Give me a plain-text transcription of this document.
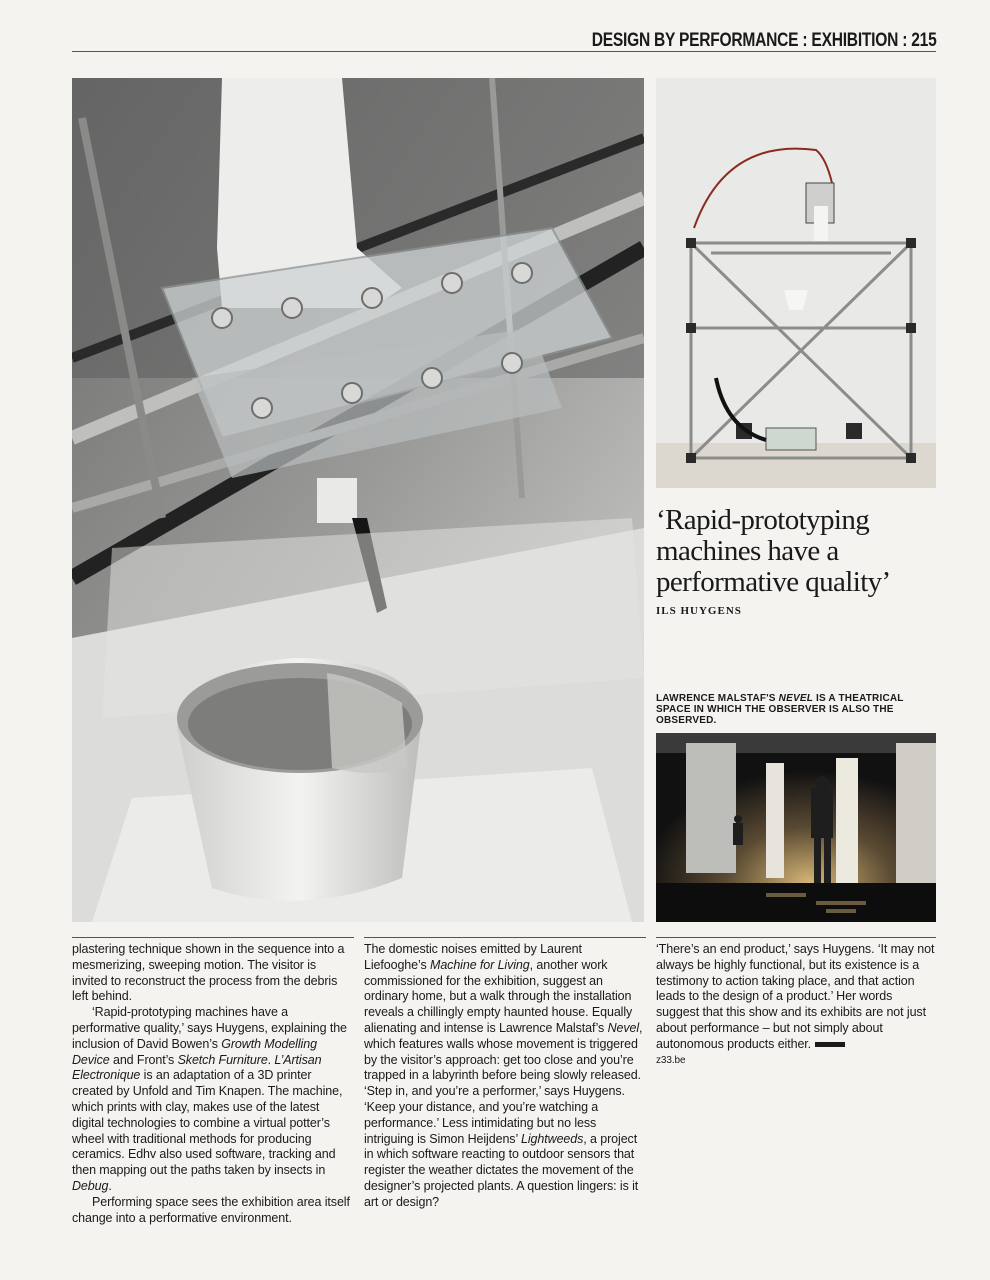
DESIGN BY PERFORMANCE : EXHIBITION : 215
‘Rapid-prototyping machines have a performative quality’
ILS HUYGENS
LAWRENCE MALSTAF'S NEVEL IS A THEATRICAL SPACE IN WHICH THE OBSERVER IS ALSO THE OBSERVED.

plastering technique shown in the sequence into a mesmerizing, sweeping motion. The visitor is invited to reconstruct the process from the debris left behind.

‘Rapid-prototyping machines have a performative quality,’ says Huygens, explaining the inclusion of David Bowen’s Growth Modelling Device and Front’s Sketch Furniture. L’Artisan Electronique is an adaptation of a 3D printer created by Unfold and Tim Knapen. The machine, which prints with clay, makes use of the latest digital technologies to combine a virtual potter’s wheel with traditional methods for producing ceramics. Edhv also used software, tracking and then mapping out the paths taken by insects in Debug.

Performing space sees the exhibition area itself change into a performative environment.

The domestic noises emitted by Laurent Liefooghe’s Machine for Living, another work commissioned for the exhibition, suggest an ordinary home, but a walk through the installation reveals a chillingly empty haunted house. Equally alienating and intense is Lawrence Malstaf’s Nevel, which features walls whose movement is triggered by the visitor’s approach: get too close and you’re trapped in a labyrinth before being slowly released. ‘Step in, and you’re a performer,’ says Huygens. ‘Keep your distance, and you’re watching a performance.’ Less intimidating but no less intriguing is Simon Heijdens’ Lightweeds, a project in which software reacting to outdoor sensors that register the weather dictates the movement of the designer’s projected plants. A question lingers: is it art or design?

‘There’s an end product,’ says Huygens. ‘It may not always be highly functional, but its existence is a testimony to action taking place, and that action leads to the design of a product.’ Her words suggest that this show and its exhibits are not just about performance – but not simply about autonomous products either.

z33.be
